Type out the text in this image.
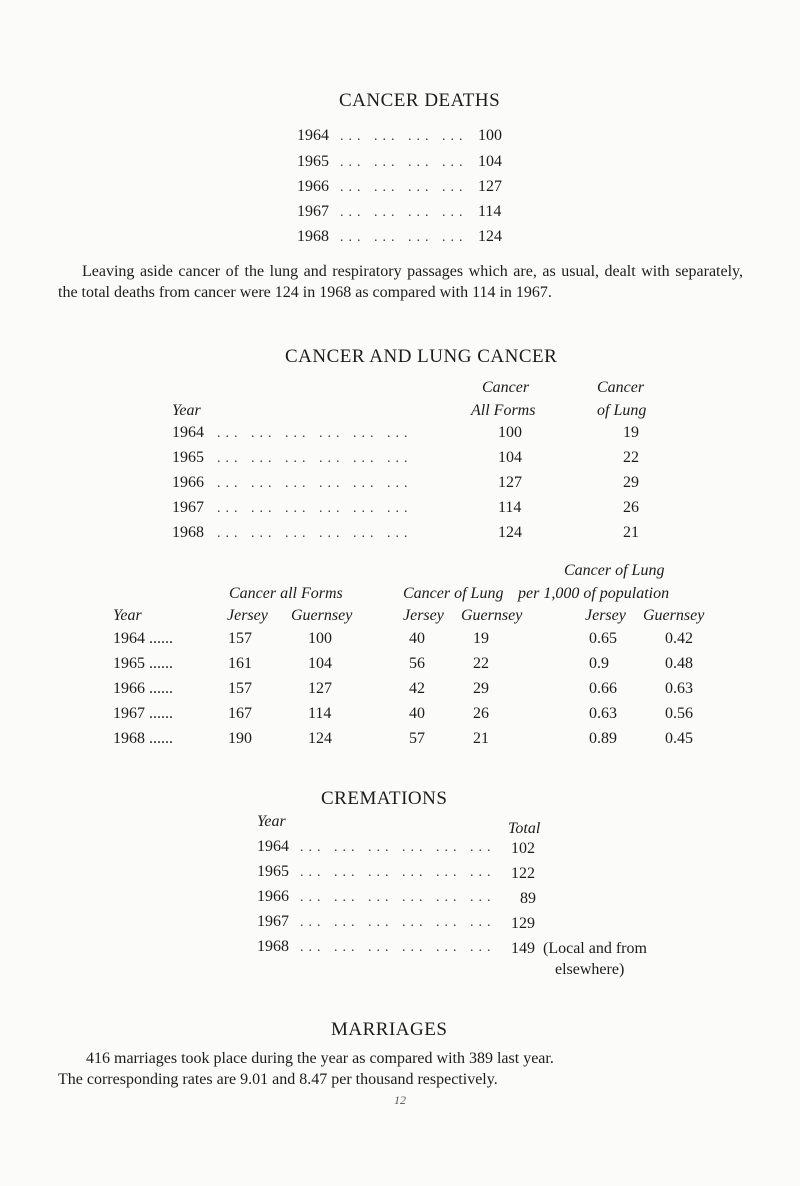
CANCER DEATHS
1964 ... ... ... ... 100
1965 ... ... ... ... 104
1966 ... ... ... ... 127
1967 ... ... ... ... 114
1968 ... ... ... ... 124

Leaving aside cancer of the lung and respiratory passages which are, as usual, dealt with separately, the total deaths from cancer were 124 in 1968 as compared with 114 in 1967.

CANCER AND LUNG CANCER
Year
Cancer
All Forms
Cancer
of Lung
1964 ... ... ... ... ... ...	100	19
1965 ... ... ... ... ... ...	104	22
1966 ... ... ... ... ... ...	127	29
1967 ... ... ... ... ... ...	114	26
1968 ... ... ... ... ... ...	124	21
Cancer all Forms	Cancer of Lung
Cancer of Lung
per 1,000 of population
Year	Jersey Guernsey	Jersey Guernsey	Jersey Guernsey
1964 ......	157	100	40	19	0.65	0.42
1965 ......	161	104	56	22	0.9	0.48
1966 ......	157	127	42	29	0.66	0.63
1967 ......	167	114	40	26	0.63	0.56
1968 ......	190	124	57	21	0.89	0.45
CREMATIONS
Year	Total
1964 ... ... ... ... ... ... 102
1965 ... ... ... ... ... ... 122
1966 ... ... ... ... ... ... 89
1967 ... ... ... ... ... ... 129
1968 ... ... ... ... ... ... 149 (Local and from
elsewhere)
MARRIAGES
416 marriages took place during the year as compared with 389 last year.
The corresponding rates are 9.01 and 8.47 per thousand respectively.
12
